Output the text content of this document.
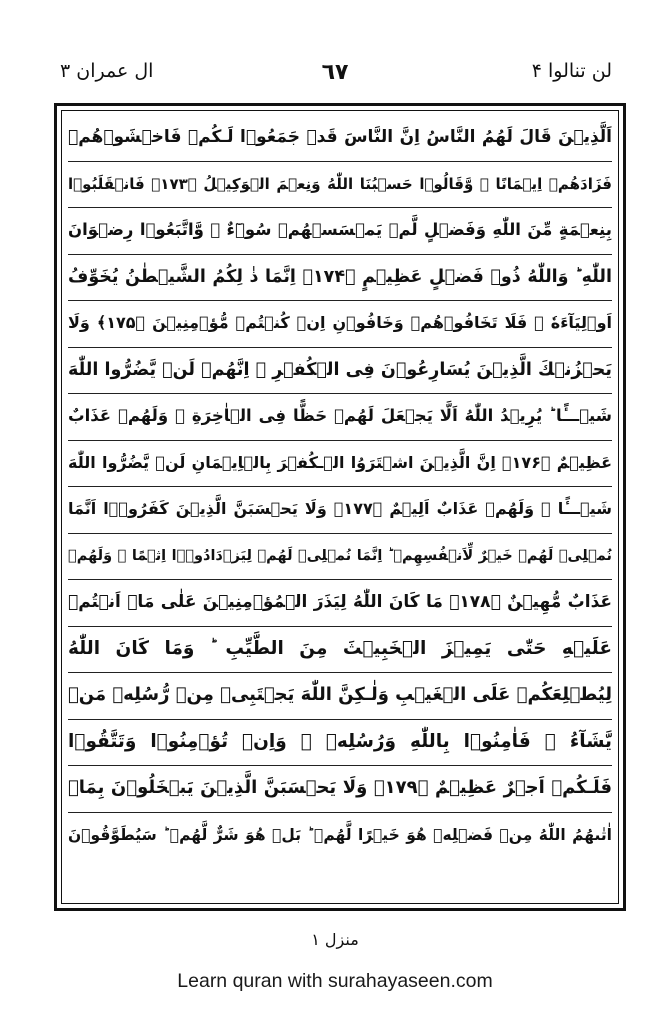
لن تنالوا ۴
٦٧
ال عمران ۳
اَلَّذِيۡنَ قَالَ لَهُمُ النَّاسُ اِنَّ النَّاسَ قَدۡ جَمَعُوۡا لَـكُمۡ فَاخۡشَوۡهُمۡ
فَزَادَهُمۡ اِيۡمَانًا ۖ وَّقَالُوۡا حَسۡبُنَا اللّٰهُ وَنِعۡمَ الۡوَكِيۡلُ ﴿۱۷۳﴾ فَانۡقَلَبُوۡا
بِنِعۡمَةٍ مِّنَ اللّٰهِ وَفَضۡلٍ لَّمۡ يَمۡسَسۡهُمۡ سُوۡٓءٌ ۙ وَّاتَّبَعُوۡا رِضۡوَانَ
اللّٰهِ ؕ وَاللّٰهُ ذُوۡ فَضۡلٍ عَظِيۡمٍ ﴿۱۷۴﴾ اِنَّمَا ذٰ لِكُمُ الشَّيۡطٰنُ يُخَوِّفُ
اَوۡلِيَآءَهٗ ۖ فَلَا تَخَافُوۡهُمۡ وَخَافُوۡنِ اِنۡ كُنۡتُمۡ مُّؤۡمِنِيۡنَ ﴿۱۷۵﴾ وَلَا
يَحۡزُنۡكَ الَّذِيۡنَ يُسَارِعُوۡنَ فِى الۡكُفۡرِ ۚ اِنَّهُمۡ لَنۡ يَّضُرُّوا اللّٰهَ
شَيۡـــًٔا ؕ يُرِيۡدُ اللّٰهُ اَلَّا يَجۡعَلَ لَهُمۡ حَظًّا فِى الۡاٰخِرَةِ ۚ وَلَهُمۡ عَذَابٌ
عَظِيۡمٌ ﴿۱۷۶﴾ اِنَّ الَّذِيۡنَ اشۡتَرَوُا الۡـكُفۡرَ بِالۡاِيۡمَانِ لَنۡ يَّضُرُّوا اللّٰهَ
شَيۡـــًٔا ۚ وَلَهُمۡ عَذَابٌ اَلِيۡمٌ ﴿۱۷۷﴾ وَلَا يَحۡسَبَنَّ الَّذِيۡنَ كَفَرُوۡۤا اَنَّمَا
نُمۡلِىۡ لَهُمۡ خَيۡرٌ لِّاَنۡفُسِهِمۡ ؕ اِنَّمَا نُمۡلِىۡ لَهُمۡ لِيَزۡدَادُوۡۤا اِثۡمًا ۚ وَلَهُمۡ
عَذَابٌ مُّهِيۡنٌ ﴿۱۷۸﴾ مَا كَانَ اللّٰهُ لِيَذَرَ الۡمُؤۡمِنِيۡنَ عَلٰى مَاۤ اَنۡتُمۡ
عَلَيۡهِ حَتّٰى يَمِيۡزَ الۡخَبِيۡثَ مِنَ الطَّيِّبِ ؕ وَمَا كَانَ اللّٰهُ
لِيُطۡلِعَكُمۡ عَلَى الۡغَيۡبِ وَلٰـكِنَّ اللّٰهَ يَجۡتَبِىۡ مِنۡ رُّسُلِهٖ مَنۡ
يَّشَآءُ ۖ فَاٰمِنُوۡا بِاللّٰهِ وَرُسُلِهٖ ۚ وَاِنۡ تُؤۡمِنُوۡا وَتَتَّقُوۡا
فَلَـكُمۡ اَجۡرٌ عَظِيۡمٌ ﴿۱۷۹﴾ وَلَا يَحۡسَبَنَّ الَّذِيۡنَ يَبۡخَلُوۡنَ بِمَاۤ
اٰتٰٮهُمُ اللّٰهُ مِنۡ فَضۡلِهٖ هُوَ خَيۡرًا لَّهُمۡ ؕ بَلۡ هُوَ شَرٌّ لَّهُمۡ ؕ سَيُطَوَّقُوۡنَ
منزل ۱
Learn quran with surahayaseen.com
